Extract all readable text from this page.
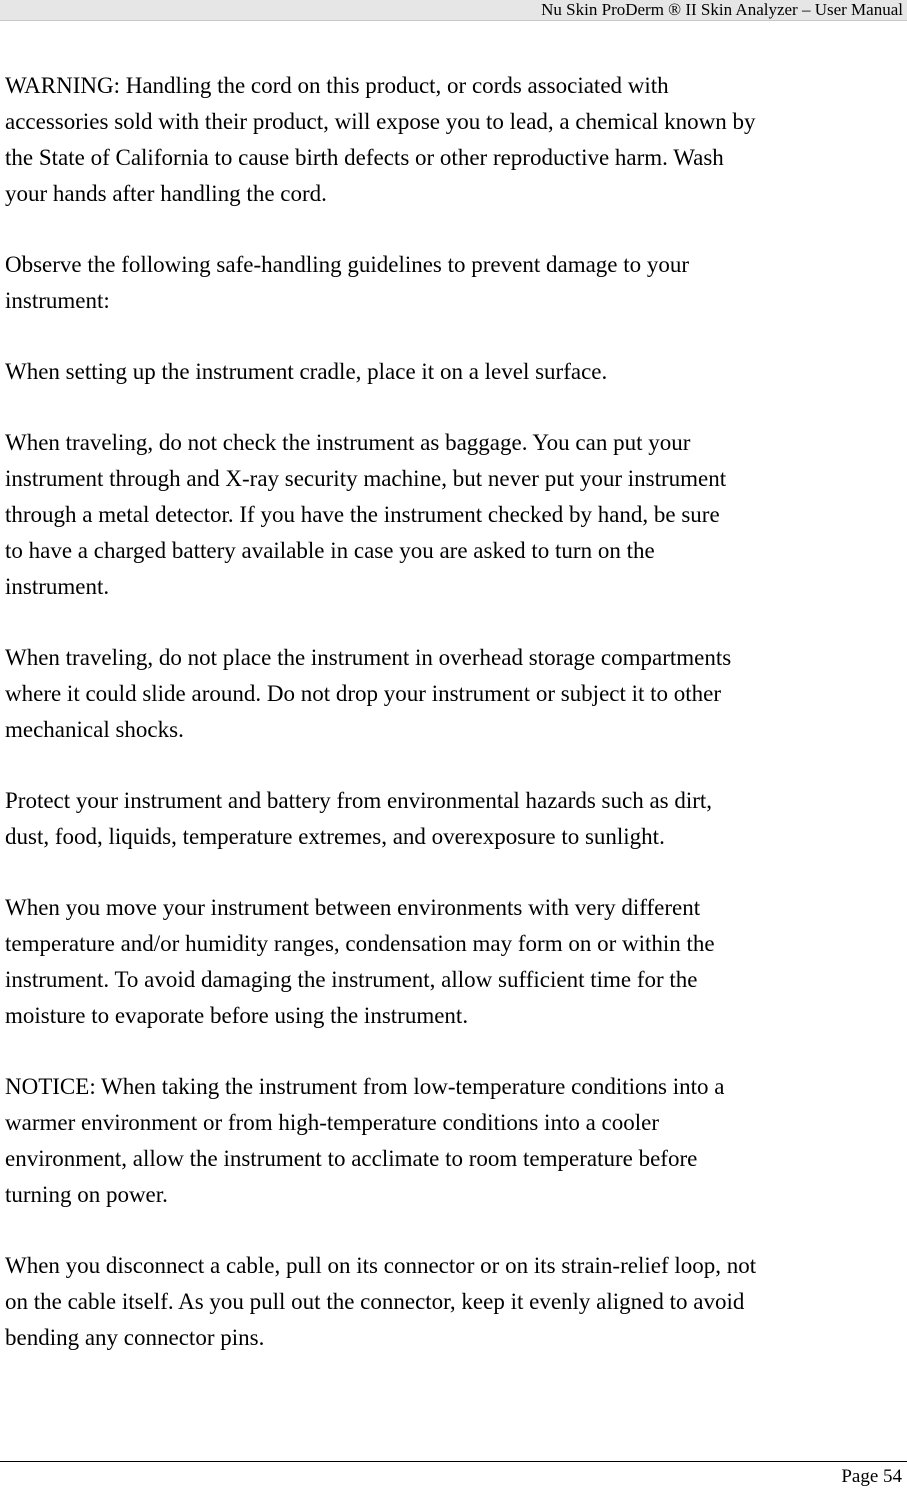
Nu Skin ProDerm ® II Skin Analyzer – User Manual

WARNING: Handling the cord on this product, or cords associated with
accessories sold with their product, will expose you to lead, a chemical known by
the State of California to cause birth defects or other reproductive harm. Wash
your hands after handling the cord.

Observe the following safe-handling guidelines to prevent damage to your
instrument:

When setting up the instrument cradle, place it on a level surface.

When traveling, do not check the instrument as baggage. You can put your
instrument through and X-ray security machine, but never put your instrument
through a metal detector. If you have the instrument checked by hand, be sure
to have a charged battery available in case you are asked to turn on the
instrument.

When traveling, do not place the instrument in overhead storage compartments
where it could slide around. Do not drop your instrument or subject it to other
mechanical shocks.

Protect your instrument and battery from environmental hazards such as dirt,
dust, food, liquids, temperature extremes, and overexposure to sunlight.

When you move your instrument between environments with very different
temperature and/or humidity ranges, condensation may form on or within the
instrument. To avoid damaging the instrument, allow sufficient time for the
moisture to evaporate before using the instrument.

NOTICE: When taking the instrument from low-temperature conditions into a
warmer environment or from high-temperature conditions into a cooler
environment, allow the instrument to acclimate to room temperature before
turning on power.

When you disconnect a cable, pull on its connector or on its strain-relief loop, not
on the cable itself. As you pull out the connector, keep it evenly aligned to avoid
bending any connector pins.

Page 54
